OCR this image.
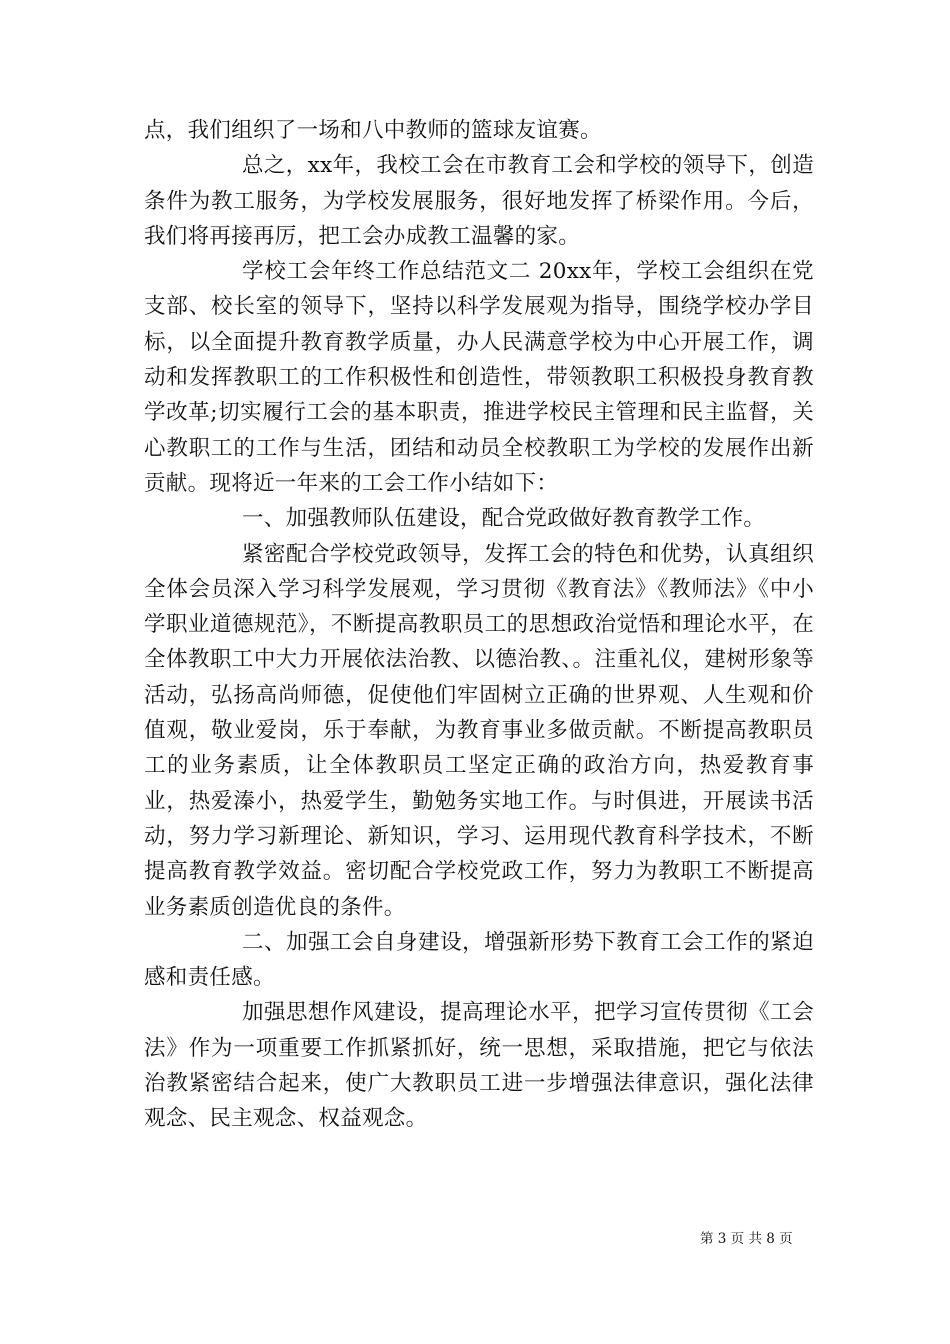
点，我们组织了一场和八中教师的篮球友谊赛。

总之，xx年，我校工会在市教育工会和学校的领导下，创造条件为教工服务，为学校发展服务，很好地发挥了桥梁作用。今后，我们将再接再厉，把工会办成教工温馨的家。

学校工会年终工作总结范文二 20xx年，学校工会组织在党支部、校长室的领导下，坚持以科学发展观为指导，围绕学校办学目标，以全面提升教育教学质量，办人民满意学校为中心开展工作，调动和发挥教职工的工作积极性和创造性，带领教职工积极投身教育教学改革;切实履行工会的基本职责，推进学校民主管理和民主监督，关心教职工的工作与生活，团结和动员全校教职工为学校的发展作出新贡献。现将近一年来的工会工作小结如下：

一、加强教师队伍建设，配合党政做好教育教学工作。

紧密配合学校党政领导，发挥工会的特色和优势，认真组织全体会员深入学习科学发展观，学习贯彻《教育法》《教师法》《中小学职业道德规范》，不断提高教职员工的思想政治觉悟和理论水平，在全体教职工中大力开展依法治教、以德治教、。注重礼仪，建树形象等活动，弘扬高尚师德，促使他们牢固树立正确的世界观、人生观和价值观，敬业爱岗，乐于奉献，为教育事业多做贡献。不断提高教职员工的业务素质，让全体教职员工坚定正确的政治方向，热爱教育事业，热爱溱小，热爱学生，勤勉务实地工作。与时俱进，开展读书活动，努力学习新理论、新知识，学习、运用现代教育科学技术，不断提高教育教学效益。密切配合学校党政工作，努力为教职工不断提高业务素质创造优良的条件。

二、加强工会自身建设，增强新形势下教育工会工作的紧迫感和责任感。

加强思想作风建设，提高理论水平，把学习宣传贯彻《工会法》作为一项重要工作抓紧抓好，统一思想，采取措施，把它与依法治教紧密结合起来，使广大教职员工进一步增强法律意识，强化法律观念、民主观念、权益观念。

第 3 页 共 8 页
